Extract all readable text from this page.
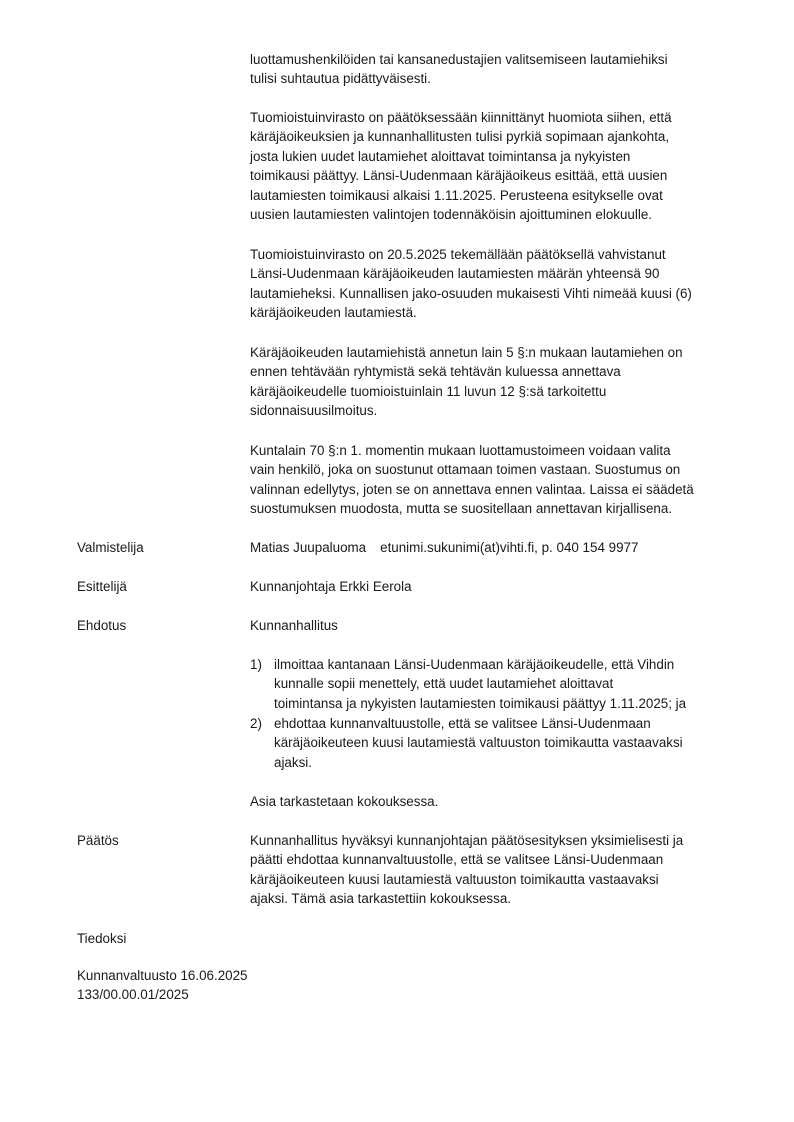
luottamushenkilöiden tai kansanedustajien valitsemiseen lautamiehiksi
tulisi suhtautua pidättyväisesti.
Tuomioistuinvirasto on päätöksessään kiinnittänyt huomiota siihen, että
käräjäoikeuksien ja kunnanhallitusten tulisi pyrkiä sopimaan ajankohta,
josta lukien uudet lautamiehet aloittavat toimintansa ja nykyisten
toimikausi päättyy. Länsi-Uudenmaan käräjäoikeus esittää, että uusien
lautamiesten toimikausi alkaisi 1.11.2025. Perusteena esitykselle ovat
uusien lautamiesten valintojen todennäköisin ajoittuminen elokuulle.
Tuomioistuinvirasto on 20.5.2025 tekemällään päätöksellä vahvistanut
Länsi-Uudenmaan käräjäoikeuden lautamiesten määrän yhteensä 90
lautamieheksi. Kunnallisen jako-osuuden mukaisesti Vihti nimeää kuusi (6)
käräjäoikeuden lautamiestä.
Käräjäoikeuden lautamiehistä annetun lain 5 §:n mukaan lautamiehen on
ennen tehtävään ryhtymistä sekä tehtävän kuluessa annettava
käräjäoikeudelle tuomioistuinlain 11 luvun 12 §:sä tarkoitettu
sidonnaisuusilmoitus.
Kuntalain 70 §:n 1. momentin mukaan luottamustoimeen voidaan valita
vain henkilö, joka on suostunut ottamaan toimen vastaan. Suostumus on
valinnan edellytys, joten se on annettava ennen valintaa. Laissa ei säädetä
suostumuksen muodosta, mutta se suositellaan annettavan kirjallisena.

Valmistelija	Matias Juupaluoma etunimi.sukunimi(at)vihti.fi, p. 040 154 9977

Esittelijä	Kunnanjohtaja Erkki Eerola

Ehdotus	Kunnanhallitus

1) ilmoittaa kantanaan Länsi-Uudenmaan käräjäoikeudelle, että Vihdin
kunnalle sopii menettely, että uudet lautamiehet aloittavat
toimintansa ja nykyisten lautamiesten toimikausi päättyy 1.11.2025; ja
2) ehdottaa kunnanvaltuustolle, että se valitsee Länsi-Uudenmaan
käräjäoikeuteen kuusi lautamiestä valtuuston toimikautta vastaavaksi
ajaksi.

Asia tarkastetaan kokouksessa.

Päätös	Kunnanhallitus hyväksyi kunnanjohtajan päätösesityksen yksimielisesti ja
päätti ehdottaa kunnanvaltuustolle, että se valitsee Länsi-Uudenmaan
käräjäoikeuteen kuusi lautamiestä valtuuston toimikautta vastaavaksi
ajaksi. Tämä asia tarkastettiin kokouksessa.

Tiedoksi

Kunnanvaltuusto 16.06.2025

133/00.00.01/2025
